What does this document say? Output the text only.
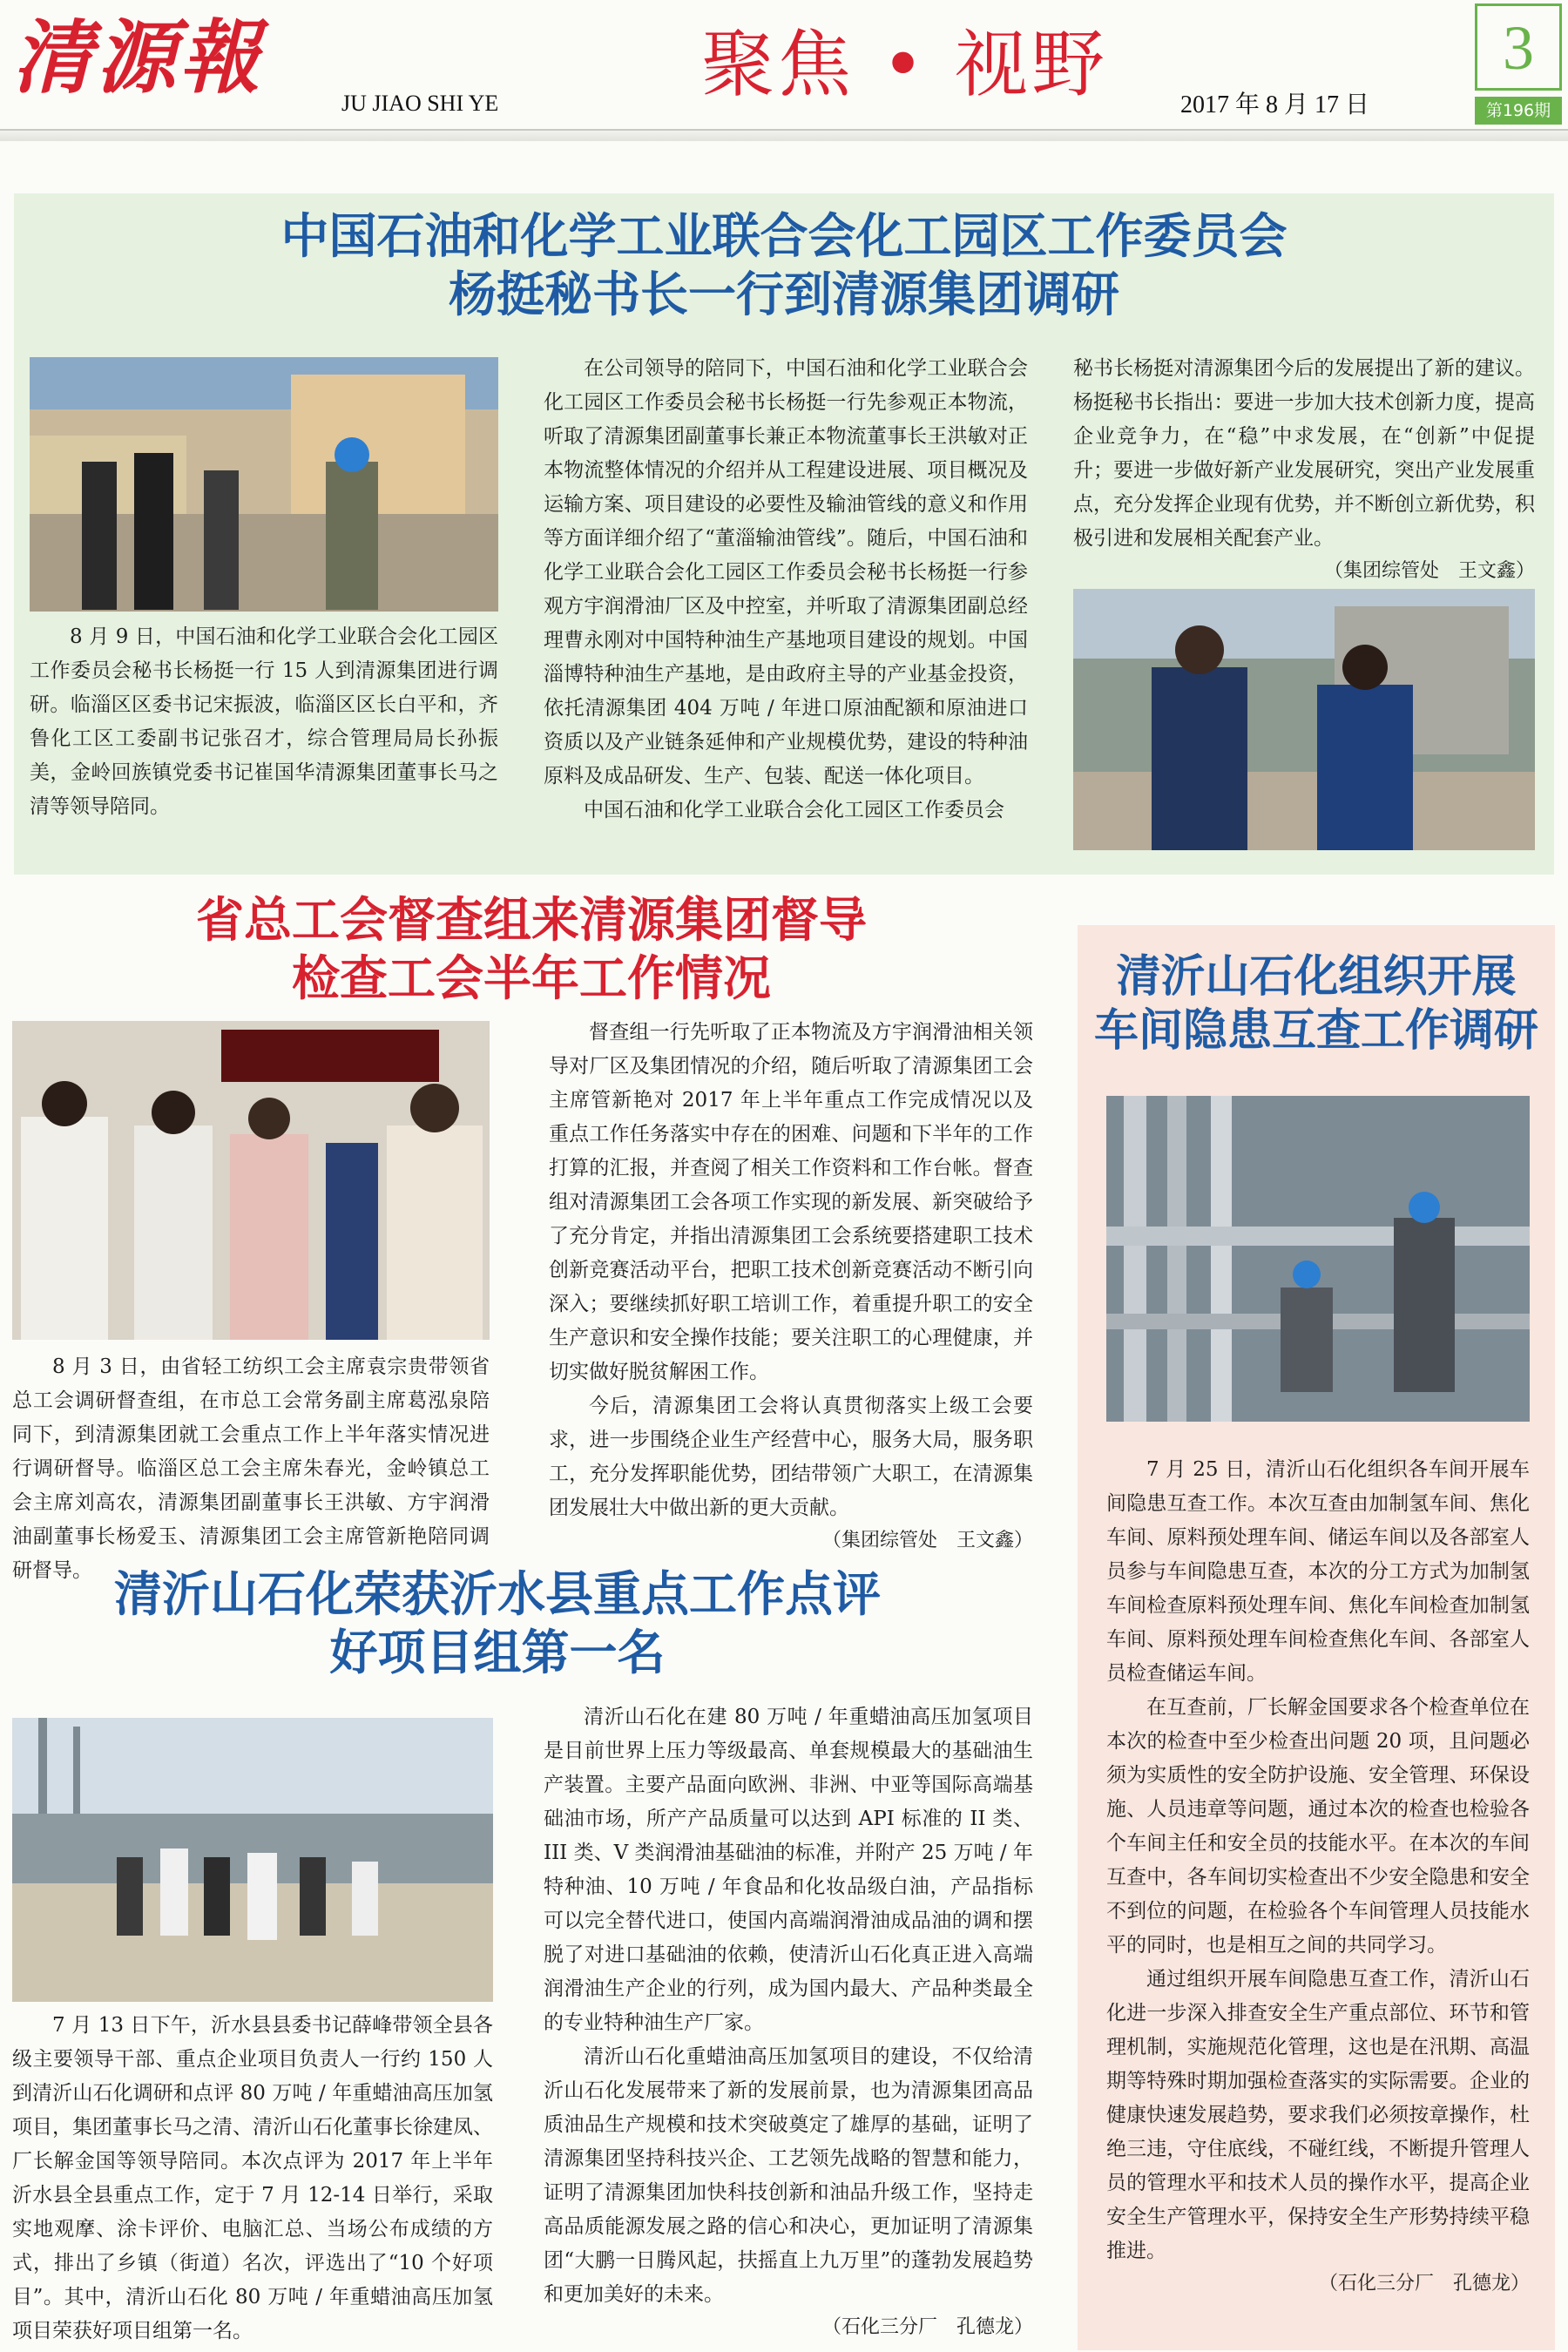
清源報	JU JIAO SHI YE	聚焦 • 视野	2017 年 8 月 17 日
3
第196期
中国石油和化学工业联合会化工园区工作委员会
杨挺秘书长一行到清源集团调研
8 月 9 日，中国石油和化学工业联合会化工园区工作委员会秘书长杨挺一行 15 人到清源集团进行调研。临淄区区委书记宋振波，临淄区区长白平和，齐鲁化工区工委副书记张召才，综合管理局局长孙振美，金岭回族镇党委书记崔国华清源集团董事长马之清等领导陪同。

在公司领导的陪同下，中国石油和化学工业联合会化工园区工作委员会秘书长杨挺一行先参观正本物流，听取了清源集团副董事长兼正本物流董事长王洪敏对正本物流整体情况的介绍并从工程建设进展、项目概况及运输方案、项目建设的必要性及输油管线的意义和作用等方面详细介绍了“董淄输油管线”。随后，中国石油和化学工业联合会化工园区工作委员会秘书长杨挺一行参观方宇润滑油厂区及中控室，并听取了清源集团副总经理曹永刚对中国特种油生产基地项目建设的规划。中国淄博特种油生产基地，是由政府主导的产业基金投资，依托清源集团 404 万吨 / 年进口原油配额和原油进口资质以及产业链条延伸和产业规模优势，建设的特种油原料及成品研发、生产、包装、配送一体化项目。

中国石油和化学工业联合会化工园区工作委员会

秘书长杨挺对清源集团今后的发展提出了新的建议。杨挺秘书长指出：要进一步加大技术创新力度，提高企业竞争力，在“稳”中求发展，在“创新”中促提升；要进一步做好新产业发展研究，突出产业发展重点，充分发挥企业现有优势，并不断创立新优势，积极引进和发展相关配套产业。

（集团综管处　王文鑫）
省总工会督查组来清源集团督导
检查工会半年工作情况
8 月 3 日，由省轻工纺织工会主席袁宗贵带领省总工会调研督查组，在市总工会常务副主席葛泓泉陪同下，到清源集团就工会重点工作上半年落实情况进行调研督导。临淄区总工会主席朱春光，金岭镇总工会主席刘高农，清源集团副董事长王洪敏、方宇润滑油副董事长杨爱玉、清源集团工会主席管新艳陪同调研督导。

督查组一行先听取了正本物流及方宇润滑油相关领导对厂区及集团情况的介绍，随后听取了清源集团工会主席管新艳对 2017 年上半年重点工作完成情况以及重点工作任务落实中存在的困难、问题和下半年的工作打算的汇报，并查阅了相关工作资料和工作台帐。督查组对清源集团工会各项工作实现的新发展、新突破给予了充分肯定，并指出清源集团工会系统要搭建职工技术创新竞赛活动平台，把职工技术创新竞赛活动不断引向深入；要继续抓好职工培训工作，着重提升职工的安全生产意识和安全操作技能；要关注职工的心理健康，并切实做好脱贫解困工作。

今后，清源集团工会将认真贯彻落实上级工会要求，进一步围绕企业生产经营中心，服务大局，服务职工，充分发挥职能优势，团结带领广大职工，在清源集团发展壮大中做出新的更大贡献。

（集团综管处　王文鑫）
清沂山石化荣获沂水县重点工作点评
好项目组第一名
7 月 13 日下午，沂水县县委书记薛峰带领全县各级主要领导干部、重点企业项目负责人一行约 150 人到清沂山石化调研和点评 80 万吨 / 年重蜡油高压加氢项目，集团董事长马之清、清沂山石化董事长徐建凤、厂长解金国等领导陪同。本次点评为 2017 年上半年沂水县全县重点工作，定于 7 月 12-14 日举行，采取实地观摩、涂卡评价、电脑汇总、当场公布成绩的方式，排出了乡镇（街道）名次，评选出了“10 个好项目”。其中，清沂山石化 80 万吨 / 年重蜡油高压加氢项目荣获好项目组第一名。

清沂山石化在建 80 万吨 / 年重蜡油高压加氢项目是目前世界上压力等级最高、单套规模最大的基础油生产装置。主要产品面向欧洲、非洲、中亚等国际高端基础油市场，所产产品质量可以达到 API 标准的 II 类、III 类、V 类润滑油基础油的标准，并附产 25 万吨 / 年特种油、10 万吨 / 年食品和化妆品级白油，产品指标可以完全替代进口，使国内高端润滑油成品油的调和摆脱了对进口基础油的依赖，使清沂山石化真正进入高端润滑油生产企业的行列，成为国内最大、产品种类最全的专业特种油生产厂家。

清沂山石化重蜡油高压加氢项目的建设，不仅给清沂山石化发展带来了新的发展前景，也为清源集团高品质油品生产规模和技术突破奠定了雄厚的基础，证明了清源集团坚持科技兴企、工艺领先战略的智慧和能力，证明了清源集团加快科技创新和油品升级工作，坚持走高品质能源发展之路的信心和决心，更加证明了清源集团“大鹏一日腾风起，扶摇直上九万里”的蓬勃发展趋势和更加美好的未来。

（石化三分厂　孔德龙）
清沂山石化组织开展
车间隐患互查工作调研

7 月 25 日，清沂山石化组织各车间开展车间隐患互查工作。本次互查由加制氢车间、焦化车间、原料预处理车间、储运车间以及各部室人员参与车间隐患互查，本次的分工方式为加制氢车间检查原料预处理车间、焦化车间检查加制氢车间、原料预处理车间检查焦化车间、各部室人员检查储运车间。

在互查前，厂长解金国要求各个检查单位在本次的检查中至少检查出问题 20 项，且问题必须为实质性的安全防护设施、安全管理、环保设施、人员违章等问题，通过本次的检查也检验各个车间主任和安全员的技能水平。在本次的车间互查中，各车间切实检查出不少安全隐患和安全不到位的问题，在检验各个车间管理人员技能水平的同时，也是相互之间的共同学习。

通过组织开展车间隐患互查工作，清沂山石化进一步深入排查安全生产重点部位、环节和管理机制，实施规范化管理，这也是在汛期、高温期等特殊时期加强检查落实的实际需要。企业的健康快速发展趋势，要求我们必须按章操作，杜绝三违，守住底线，不碰红线，不断提升管理人员的管理水平和技术人员的操作水平，提高企业安全生产管理水平，保持安全生产形势持续平稳推进。

（石化三分厂　孔德龙）
